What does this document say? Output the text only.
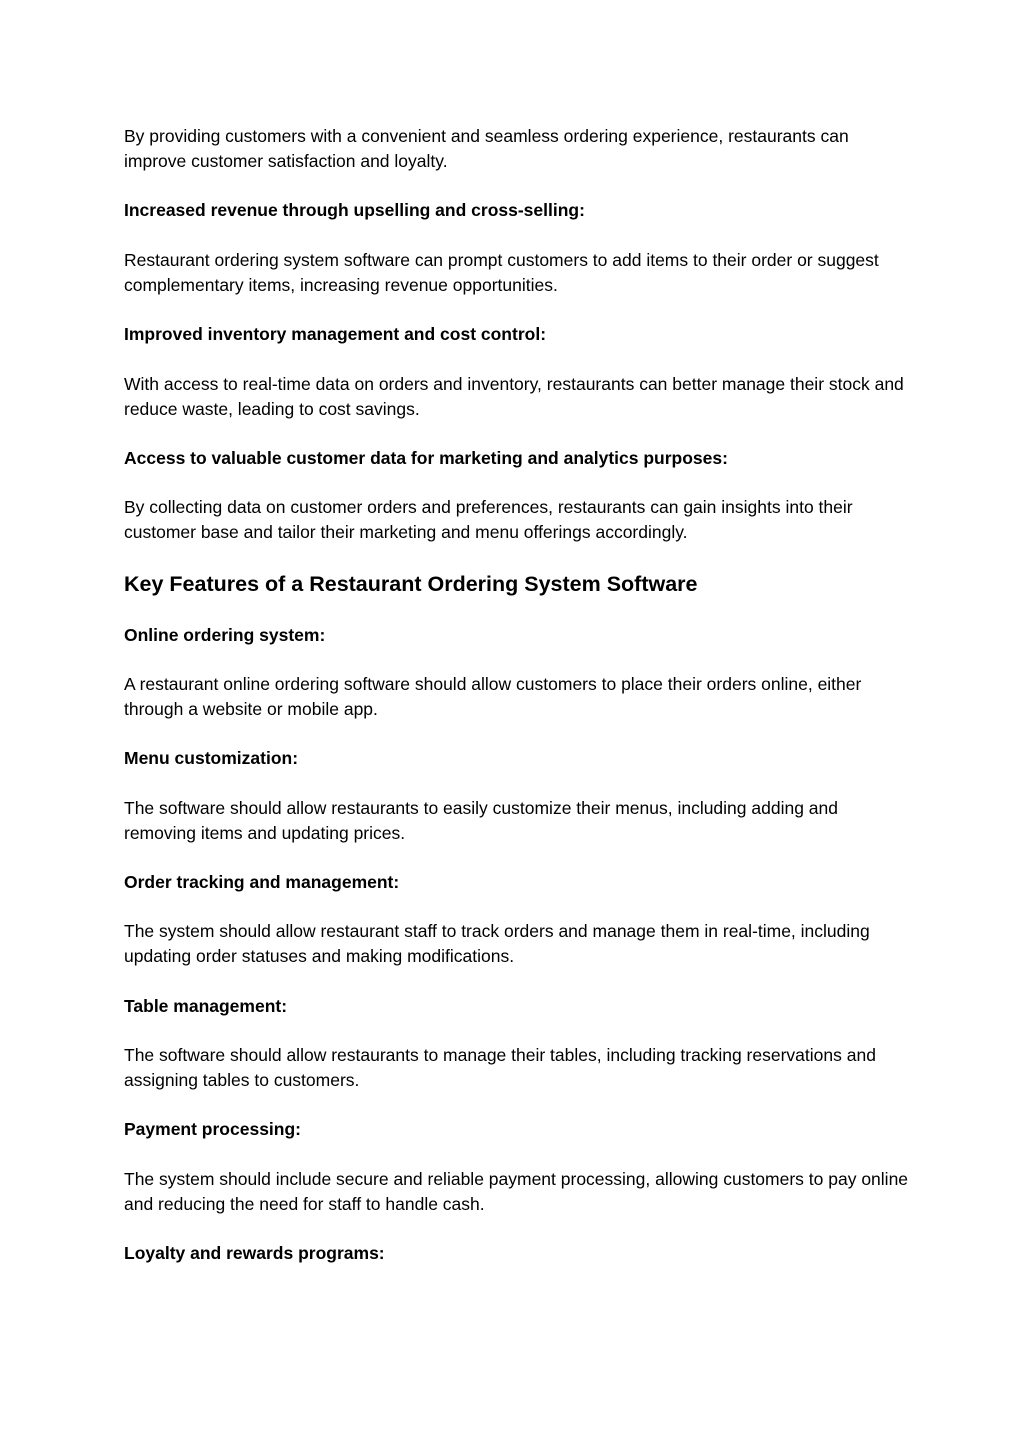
By providing customers with a convenient and seamless ordering experience, restaurants can improve customer satisfaction and loyalty.

Increased revenue through upselling and cross-selling:

Restaurant ordering system software can prompt customers to add items to their order or suggest complementary items, increasing revenue opportunities.

Improved inventory management and cost control:

With access to real-time data on orders and inventory, restaurants can better manage their stock and reduce waste, leading to cost savings.

Access to valuable customer data for marketing and analytics purposes:

By collecting data on customer orders and preferences, restaurants can gain insights into their customer base and tailor their marketing and menu offerings accordingly.

Key Features of a Restaurant Ordering System Software

Online ordering system:

A restaurant online ordering software should allow customers to place their orders online, either through a website or mobile app.

Menu customization:

The software should allow restaurants to easily customize their menus, including adding and removing items and updating prices.

Order tracking and management:

The system should allow restaurant staff to track orders and manage them in real-time, including updating order statuses and making modifications.

Table management:

The software should allow restaurants to manage their tables, including tracking reservations and assigning tables to customers.

Payment processing:

The system should include secure and reliable payment processing, allowing customers to pay online and reducing the need for staff to handle cash.

Loyalty and rewards programs:
